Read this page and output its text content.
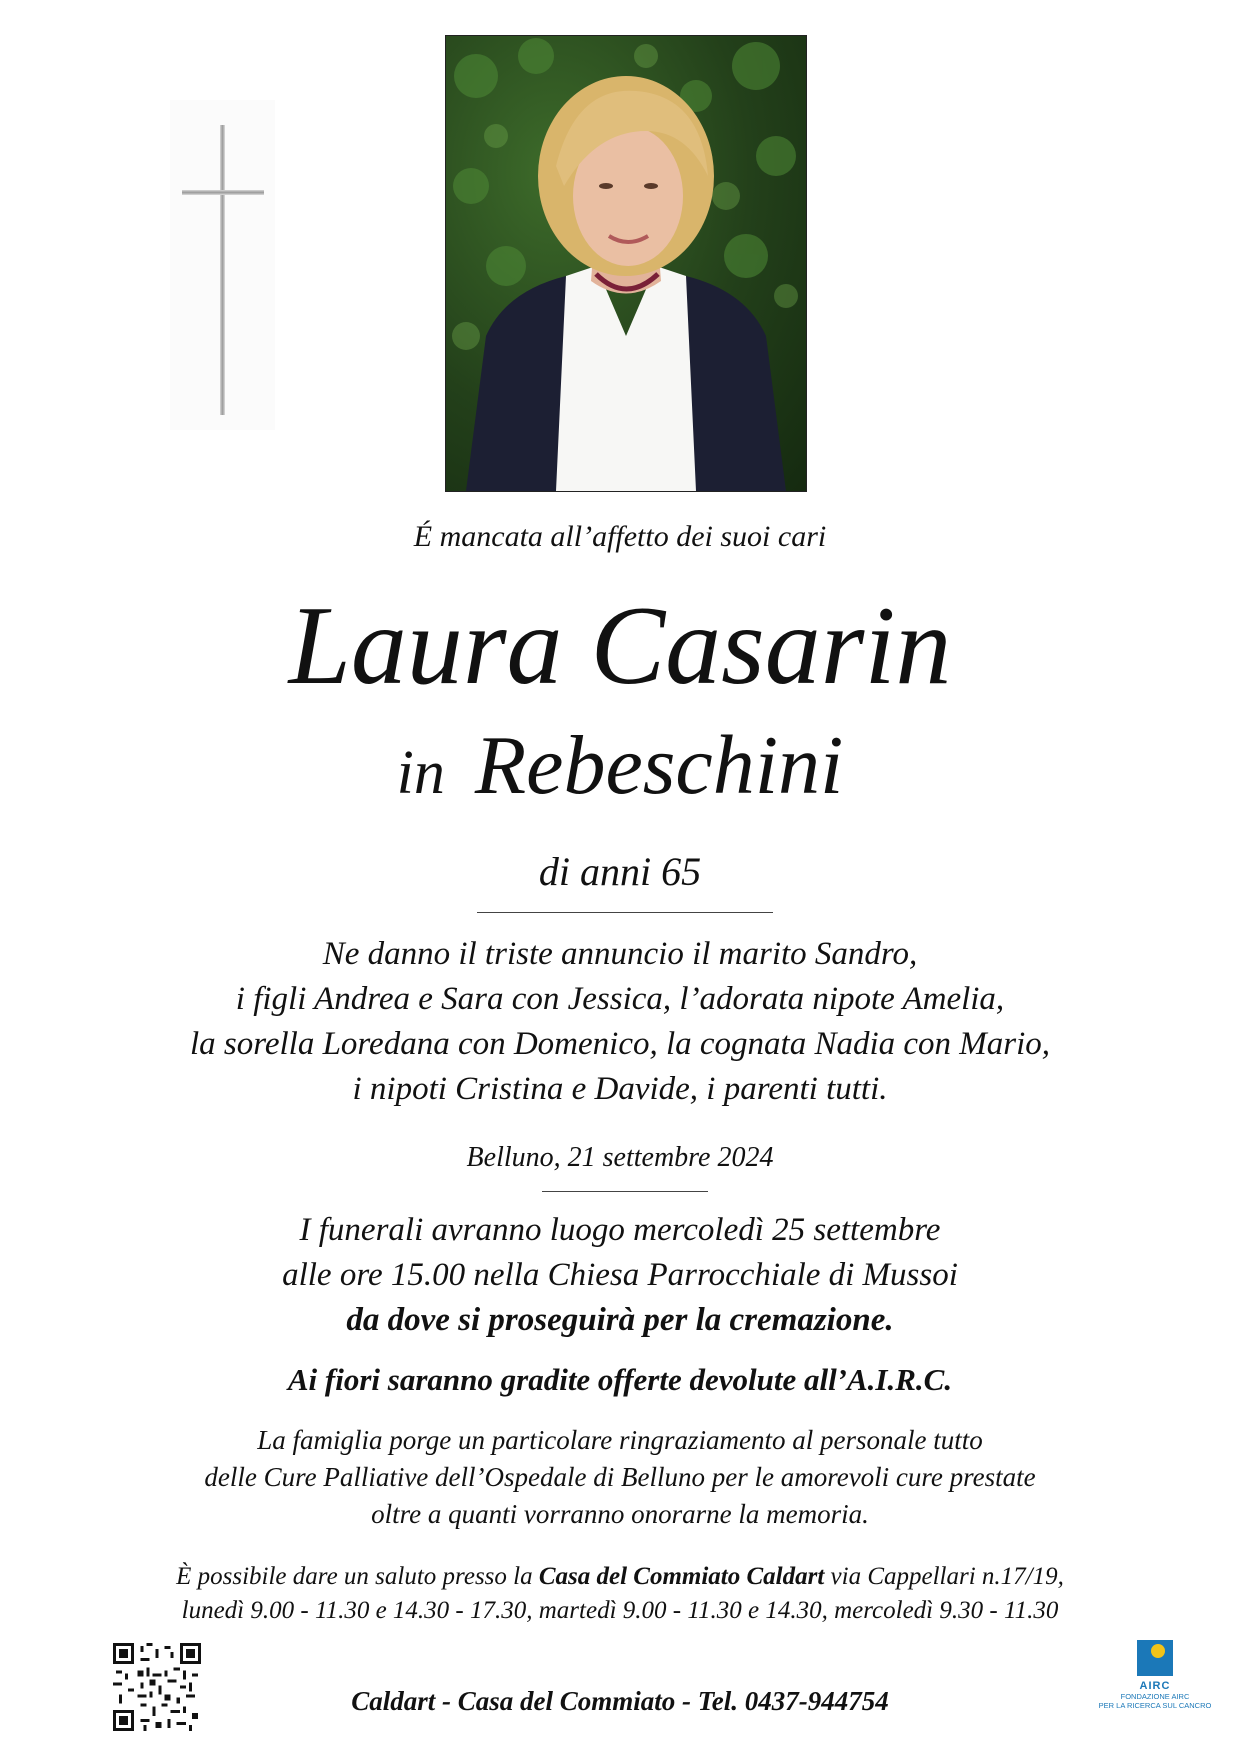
É mancata all’affetto dei suoi cari
Laura Casarin
in Rebeschini
di anni 65
Ne danno il triste annuncio il marito Sandro,
i figli Andrea e Sara con Jessica, l’adorata nipote Amelia,
la sorella Loredana con Domenico, la cognata Nadia con Mario,
i nipoti Cristina e Davide, i parenti tutti.
Belluno, 21 settembre 2024
I funerali avranno luogo mercoledì 25 settembre
alle ore 15.00 nella Chiesa Parrocchiale di Mussoi
da dove si proseguirà per la cremazione.
Ai fiori saranno gradite offerte devolute all’A.I.R.C.
La famiglia porge un particolare ringraziamento al personale tutto
delle Cure Palliative dell’Ospedale di Belluno per le amorevoli cure prestate
oltre a quanti vorranno onorarne la memoria.
È possibile dare un saluto presso la Casa del Commiato Caldart via Cappellari n.17/19,
lunedì 9.00 - 11.30 e 14.30 - 17.30, martedì 9.00 - 11.30 e 14.30, mercoledì 9.30 - 11.30
Caldart - Casa del Commiato - Tel. 0437-944754	AIRC
FONDAZIONE AIRC
PER LA RICERCA SUL CANCRO
